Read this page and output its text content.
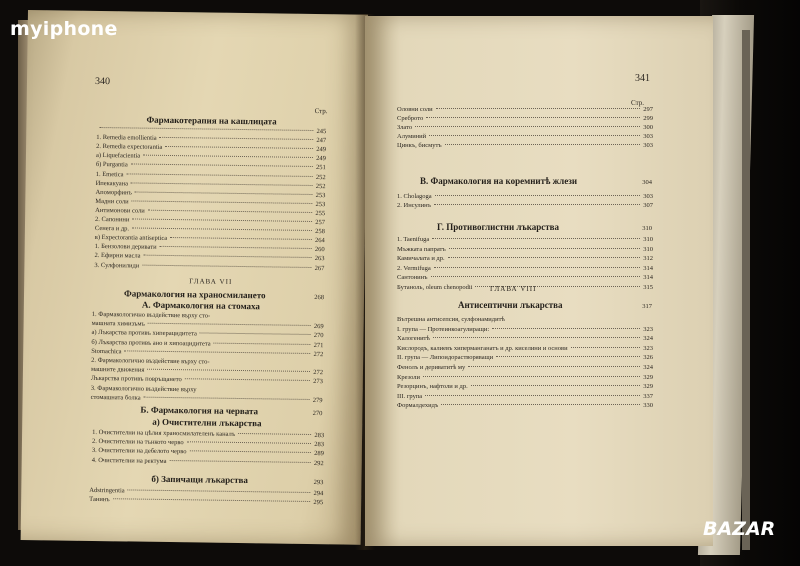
340
Стр.
Фармакотерапия на кашлицата
245
1. Remedia emollientia	247
2. Remedia expectorantia	249
а) Liquefacientia	249
б) Purgantia	251
1. Emetica	252
Ипекакуана	252
Апоморфинъ	253
Мадни соли	253
Антимонови соли	255
2. Сапонини	257
Сенега и др.	258
в) Expectorantia antiseptica	264
1. Бензолови деривати	260
2. Ефирни масла	263
3. Сулфонилиди	267
ГЛАВА VII
Фармакология на храносмилането	268
А. Фармакология на стомаха
1. Фармакологично въздействие върху сто-
машната химизъмъ	269
а) Лъкарства противъ хиперацидитета	270
б) Лъкарства противъ ано и хипоацидитета	271
Stomachica	272
2. Фармакологично въздействие върху сто-
машните движения	272
Лъкарства противъ повръщането	273
3. Фармакологично въздействие върху
стомашната болка	279
Б. Фармакология на червата	270
а) Очистителни лъкарства
1. Очистителни на цѣлия храносмилателенъ каналъ	283
2. Очистителни на тънкото черво	283
3. Очистителни на дебелото черво	289
4. Очистителни на ректума	292
б) Запичащи лъкарства	293
Adstringentia	294
Танинъ	295
341
Стр.
Оловни соли	297
Среброто	299
Злато	300
Алуминий	303
Цинкъ, бисмутъ	303
В. Фармакология на коремнитѣ жлези	304
1. Cholagoga	303
2. Инсулинъ	307
Г. Противоглистни лъкарства	310
1. Taenifuga	310
Мъжката папратъ	310
Камичалата и др.	312
2. Vermifuga	314
Сантонинъ	314
Бутаноль, oleum chenopodii	315
ГЛАВА VIII
Антисептични лъкарства	317
Вътрешна антисепсия, сулфонамидитѣ
I. група — Протеинкоагулиращи:	323
Халогенитѣ	324
Кислородъ, калиевъ хиперманганатъ и др. киселини и основи	323
II. група — Липоидорастворяващи	326
Фенолъ и дериватитѣ му	324
Крезоли	329
Резорцинъ, нафтоли и др.	329
III. група	337
Формалдехидъ	330
myiphone
BAZAR
